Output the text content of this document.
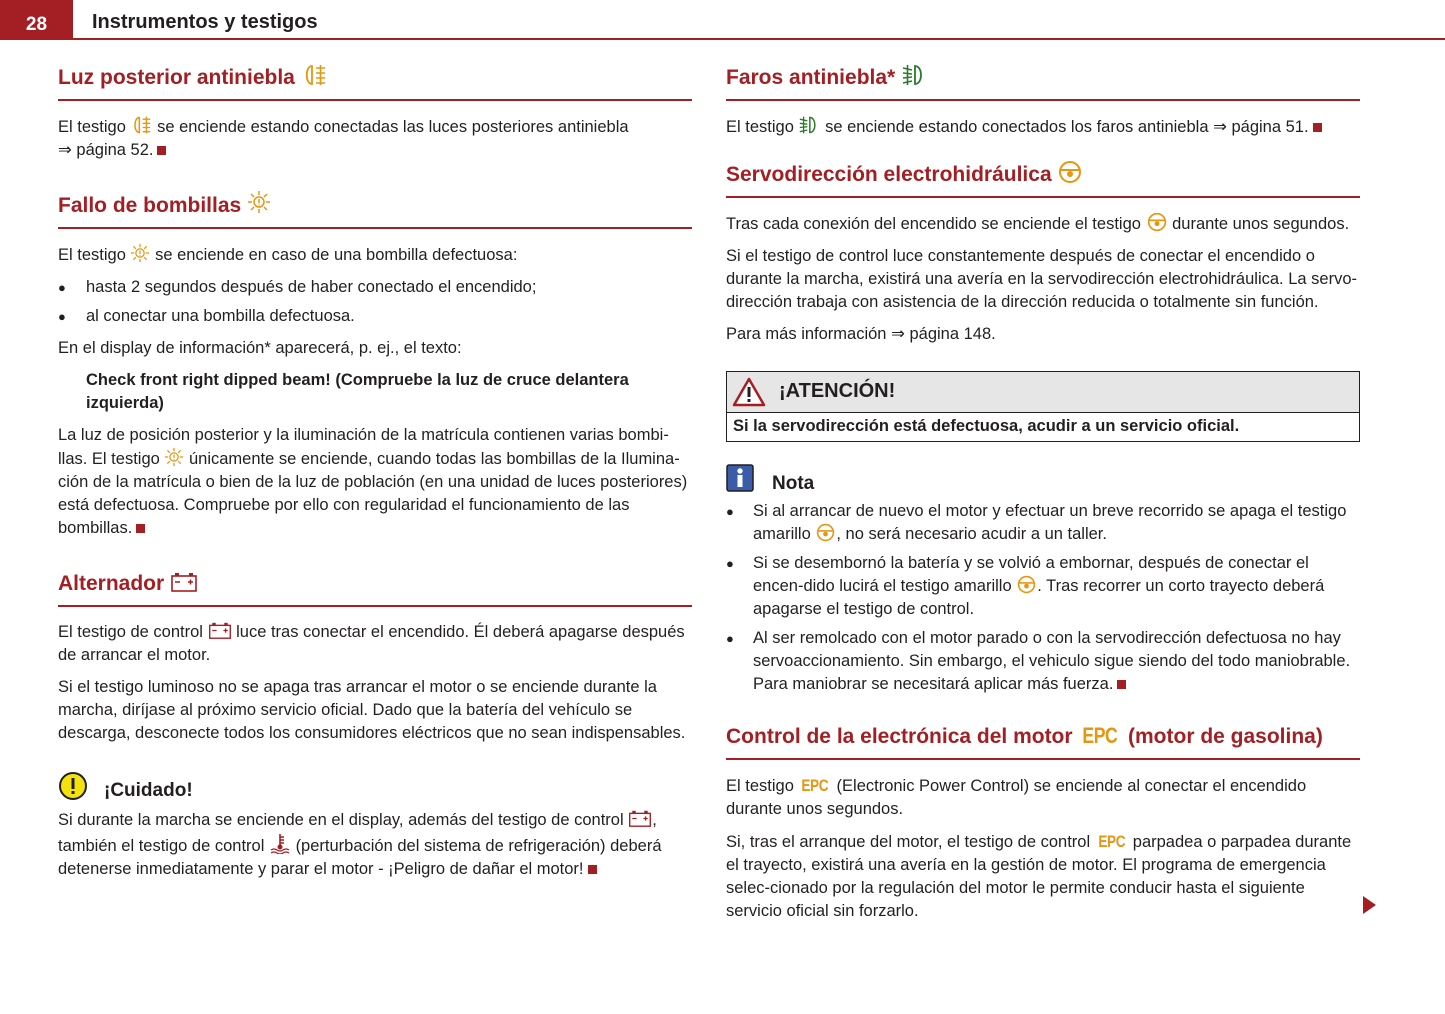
28	Instrumentos y testigos
Luz posterior antiniebla

El testigo se enciende estando conectadas las luces posteriores antiniebla
⇒ página 52.

Fallo de bombillas

El testigo se enciende en caso de una bombilla defectuosa:

● hasta 2 segundos después de haber conectado el encendido;
● al conectar una bombilla defectuosa.

En el display de información* aparecerá, p. ej., el texto:

Check front right dipped beam! (Compruebe la luz de cruce delantera izquierda)

La luz de posición posterior y la iluminación de la matrícula contienen varias bombi-llas. El testigo únicamente se enciende, cuando todas las bombillas de la Ilumina-ción de la matrícula o bien de la luz de población (en una unidad de luces posteriores) está defectuosa. Compruebe por ello con regularidad el funcionamiento de las bombillas.

Alternador

El testigo de control luce tras conectar el encendido. Él deberá apagarse después de arrancar el motor.

Si el testigo luminoso no se apaga tras arrancar el motor o se enciende durante la marcha, diríjase al próximo servicio oficial. Dado que la batería del vehículo se descarga, desconecte todos los consumidores eléctricos que no sean indispensables.

¡Cuidado!

Si durante la marcha se enciende en el display, además del testigo de control , también el testigo de control (perturbación del sistema de refrigeración) deberá detenerse inmediatamente y parar el motor - ¡Peligro de dañar el motor!

Faros antiniebla*

El testigo se enciende estando conectados los faros antiniebla ⇒ página 51.

Servodirección electrohidráulica

Tras cada conexión del encendido se enciende el testigo durante unos segundos.

Si el testigo de control luce constantemente después de conectar el encendido o durante la marcha, existirá una avería en la servodirección electrohidráulica. La servo-dirección trabaja con asistencia de la dirección reducida o totalmente sin función.

Para más información ⇒ página 148.

¡ATENCIÓN!
Si la servodirección está defectuosa, acudir a un servicio oficial.
Nota
● Si al arrancar de nuevo el motor y efectuar un breve recorrido se apaga el testigo amarillo , no será necesario acudir a un taller.
● Si se desembornó la batería y se volvió a embornar, después de conectar el encen-dido lucirá el testigo amarillo . Tras recorrer un corto trayecto deberá apagarse el testigo de control.
● Al ser remolcado con el motor parado o con la servodirección defectuosa no hay servoaccionamiento. Sin embargo, el vehiculo sigue siendo del todo maniobrable. Para maniobrar se necesitará aplicar más fuerza.
Control de la electrónica del motor EPC (motor de gasolina)

El testigo EPC (Electronic Power Control) se enciende al conectar el encendido durante unos segundos.

Si, tras el arranque del motor, el testigo de control EPC parpadea o parpadea durante el trayecto, existirá una avería en la gestión de motor. El programa de emergencia selec-cionado por la regulación del motor le permite conducir hasta el siguiente servicio oficial sin forzarlo.
